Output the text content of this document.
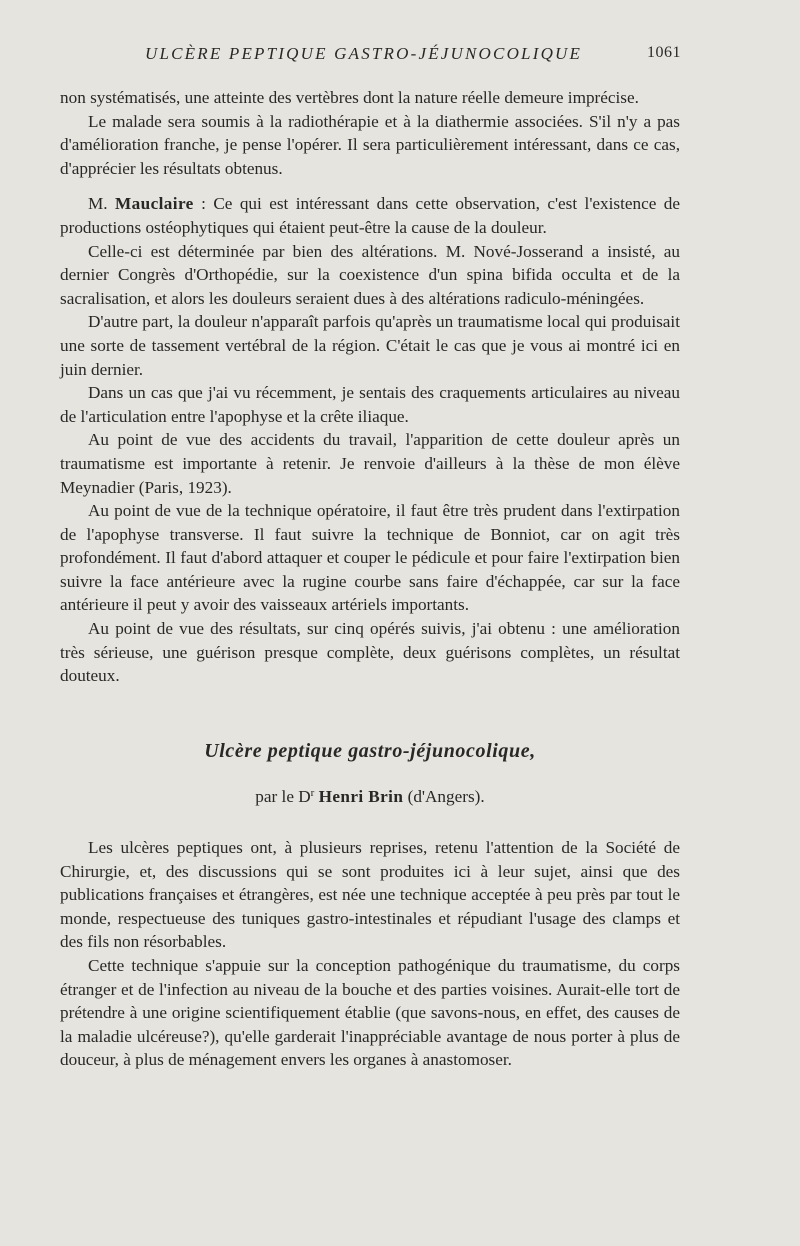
ULCÈRE PEPTIQUE GASTRO-JÉJUNOCOLIQUE	1061

non systématisés, une atteinte des vertèbres dont la nature réelle demeure imprécise.

Le malade sera soumis à la radiothérapie et à la diathermie associées. S'il n'y a pas d'amélioration franche, je pense l'opérer. Il sera particulièrement intéressant, dans ce cas, d'apprécier les résultats obtenus.

M. Mauclaire : Ce qui est intéressant dans cette observation, c'est l'existence de productions ostéophytiques qui étaient peut-être la cause de la douleur.

Celle-ci est déterminée par bien des altérations. M. Nové-Josserand a insisté, au dernier Congrès d'Orthopédie, sur la coexistence d'un spina bifida occulta et de la sacralisation, et alors les douleurs seraient dues à des altérations radiculo-méningées.

D'autre part, la douleur n'apparaît parfois qu'après un traumatisme local qui produisait une sorte de tassement vertébral de la région. C'était le cas que je vous ai montré ici en juin dernier.

Dans un cas que j'ai vu récemment, je sentais des craquements articulaires au niveau de l'articulation entre l'apophyse et la crête iliaque.

Au point de vue des accidents du travail, l'apparition de cette douleur après un traumatisme est importante à retenir. Je renvoie d'ailleurs à la thèse de mon élève Meynadier (Paris, 1923).

Au point de vue de la technique opératoire, il faut être très prudent dans l'extirpation de l'apophyse transverse. Il faut suivre la technique de Bonniot, car on agit très profondément. Il faut d'abord attaquer et couper le pédicule et pour faire l'extirpation bien suivre la face antérieure avec la rugine courbe sans faire d'échappée, car sur la face antérieure il peut y avoir des vaisseaux artériels importants.

Au point de vue des résultats, sur cinq opérés suivis, j'ai obtenu : une amélioration très sérieuse, une guérison presque complète, deux guérisons complètes, un résultat douteux.

Ulcère peptique gastro-jéjunocolique,

par le $D^r$ Henri Brin (d'Angers).

Les ulcères peptiques ont, à plusieurs reprises, retenu l'attention de la Société de Chirurgie, et, des discussions qui se sont produites ici à leur sujet, ainsi que des publications françaises et étrangères, est née une technique acceptée à peu près par tout le monde, respectueuse des tuniques gastro-intestinales et répudiant l'usage des clamps et des fils non résorbables.

Cette technique s'appuie sur la conception pathogénique du traumatisme, du corps étranger et de l'infection au niveau de la bouche et des parties voisines. Aurait-elle tort de prétendre à une origine scientifiquement établie (que savons-nous, en effet, des causes de la maladie ulcéreuse?), qu'elle garderait l'inappréciable avantage de nous porter à plus de douceur, à plus de ménagement envers les organes à anastomoser.
